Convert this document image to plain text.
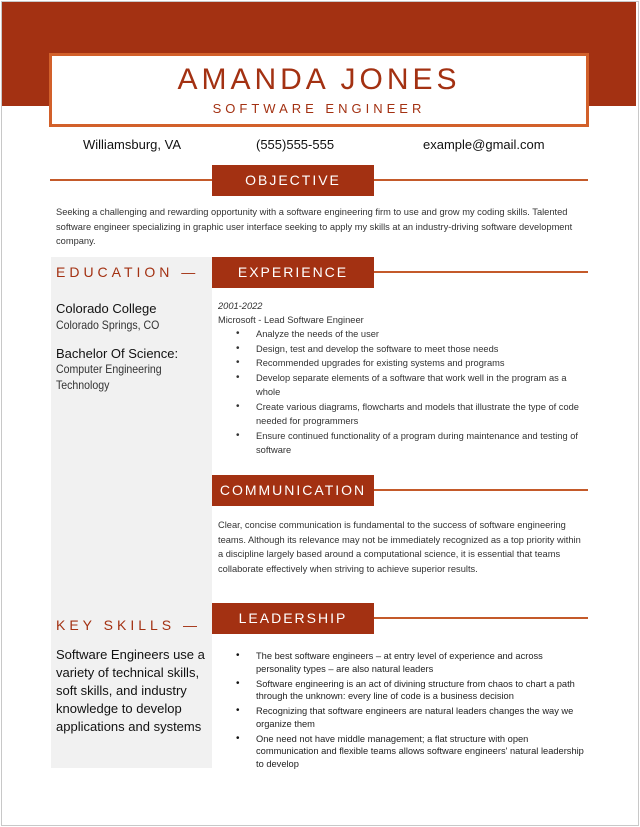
AMANDA JONES
SOFTWARE ENGINEER
Williamsburg, VA	(555)555-555	example@gmail.com
OBJECTIVE
Seeking a challenging and rewarding opportunity with a software engineering firm to use and grow my coding skills. Talented software engineer specializing in graphic user interface seeking to apply my skills at an industry-driving software development company.
EDUCATION —
Colorado College
Colorado Springs, CO
Bachelor Of Science:
Computer Engineering Technology
KEY SKILLS —
Software Engineers use a variety of technical skills, soft skills, and industry knowledge to develop applications and systems
EXPERIENCE
2001-2022
Microsoft - Lead Software Engineer
• Analyze the needs of the user
• Design, test and develop the software to meet those needs
• Recommended upgrades for existing systems and programs
• Develop separate elements of a software that work well in the program as a whole
• Create various diagrams, flowcharts and models that illustrate the type of code needed for programmers
• Ensure continued functionality of a program during maintenance and testing of software
COMMUNICATION
Clear, concise communication is fundamental to the success of software engineering teams. Although its relevance may not be immediately recognized as a top priority within a discipline largely based around a computational science, it is essential that teams collaborate effectively when striving to achieve superior results.
LEADERSHIP
• The best software engineers – at entry level of experience and across personality types – are also natural leaders
• Software engineering is an act of divining structure from chaos to chart a path through the unknown: every line of code is a business decision
• Recognizing that software engineers are natural leaders changes the way we organize them
• One need not have middle management; a flat structure with open communication and flexible teams allows software engineers' natural leadership to develop
